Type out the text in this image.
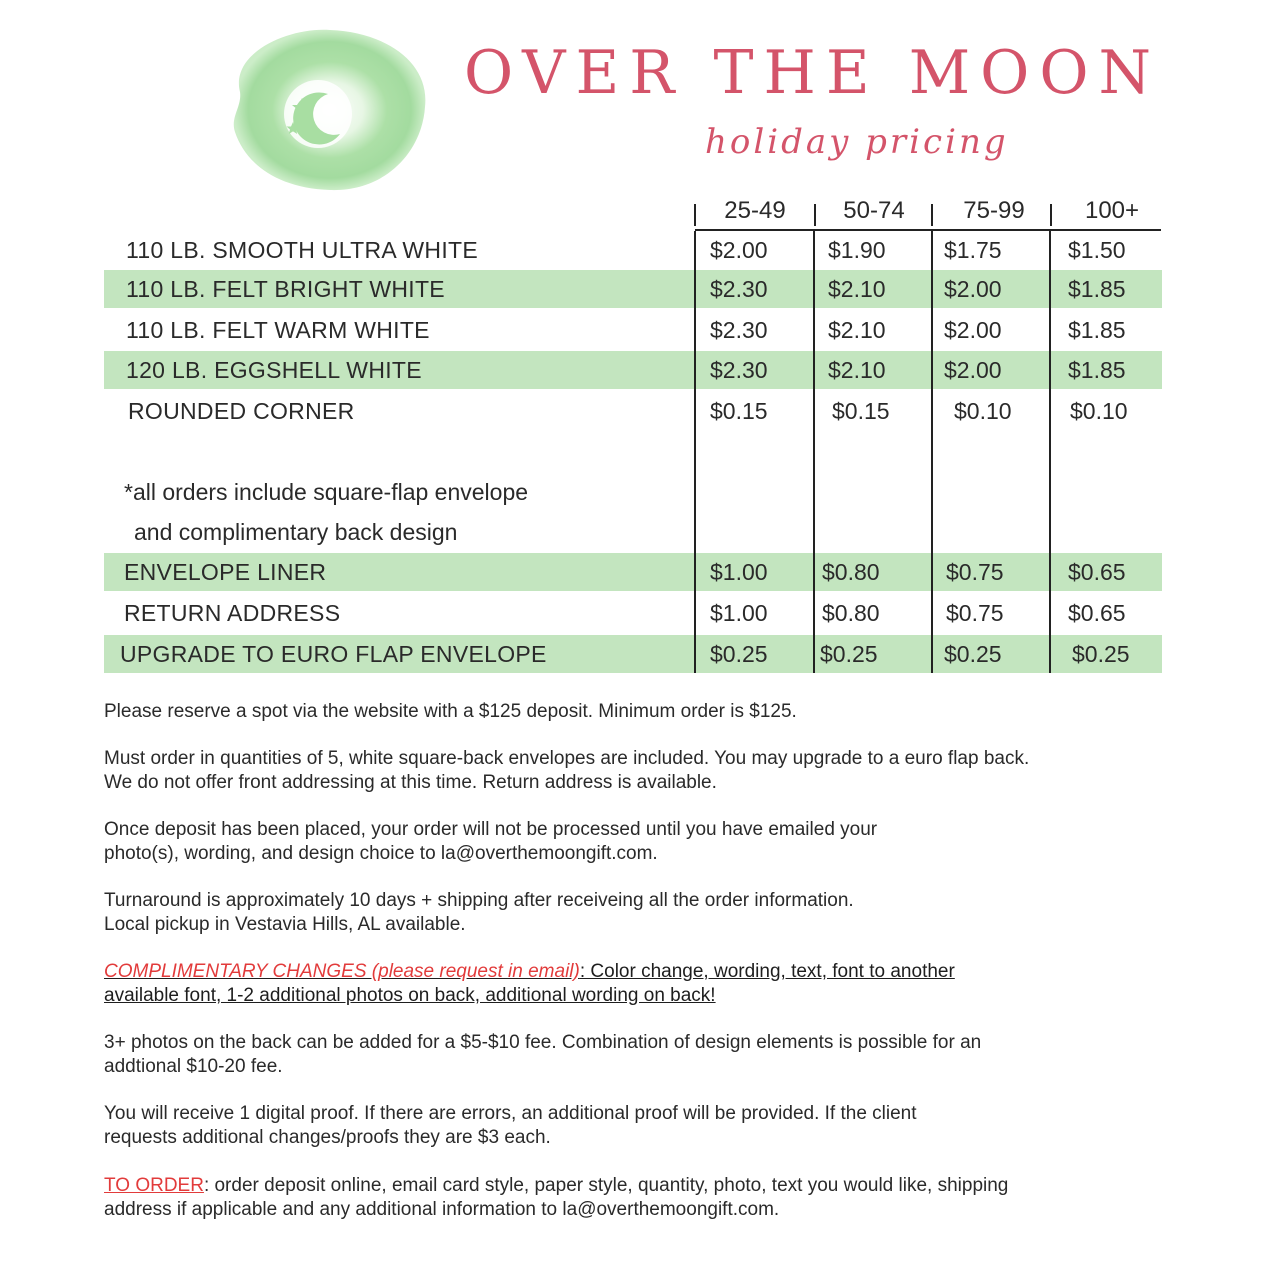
OVER THE MOON
holiday pricing
25-49	50-74	75-99	100+
110 LB. SMOOTH ULTRA WHITE	$2.00	$1.90	$1.75	$1.50
110 LB. FELT BRIGHT WHITE	$2.30	$2.10	$2.00	$1.85
110 LB. FELT WARM WHITE	$2.30	$2.10	$2.00	$1.85
120 LB. EGGSHELL WHITE	$2.30	$2.10	$2.00	$1.85
ROUNDED CORNER	$0.15	$0.15	$0.10	$0.10
*all orders include square-flap envelope
and complimentary back design
ENVELOPE LINER	$1.00 $0.80	$0.75	$0.65
RETURN ADDRESS	$1.00 $0.80	$0.75	$0.65
UPGRADE TO EURO FLAP ENVELOPE	$0.25 $0.25	$0.25	$0.25
Please reserve a spot via the website with a $125 deposit. Minimum order is $125.
Must order in quantities of 5, white square-back envelopes are included. You may upgrade to a euro flap back.
We do not offer front addressing at this time. Return address is available.
Once deposit has been placed, your order will not be processed until you have emailed your
photo(s), wording, and design choice to la@overthemoongift.com.
Turnaround is approximately 10 days + shipping after receiveing all the order information.
Local pickup in Vestavia Hills, AL available.
COMPLIMENTARY CHANGES (please request in email): Color change, wording, text, font to another
available font, 1-2 additional photos on back, additional wording on back!
3+ photos on the back can be added for a $5-$10 fee. Combination of design elements is possible for an
addtional $10-20 fee.
You will receive 1 digital proof. If there are errors, an additional proof will be provided. If the client
requests additional changes/proofs they are $3 each.
TO ORDER: order deposit online, email card style, paper style, quantity, photo, text you would like, shipping
address if applicable and any additional information to la@overthemoongift.com.
